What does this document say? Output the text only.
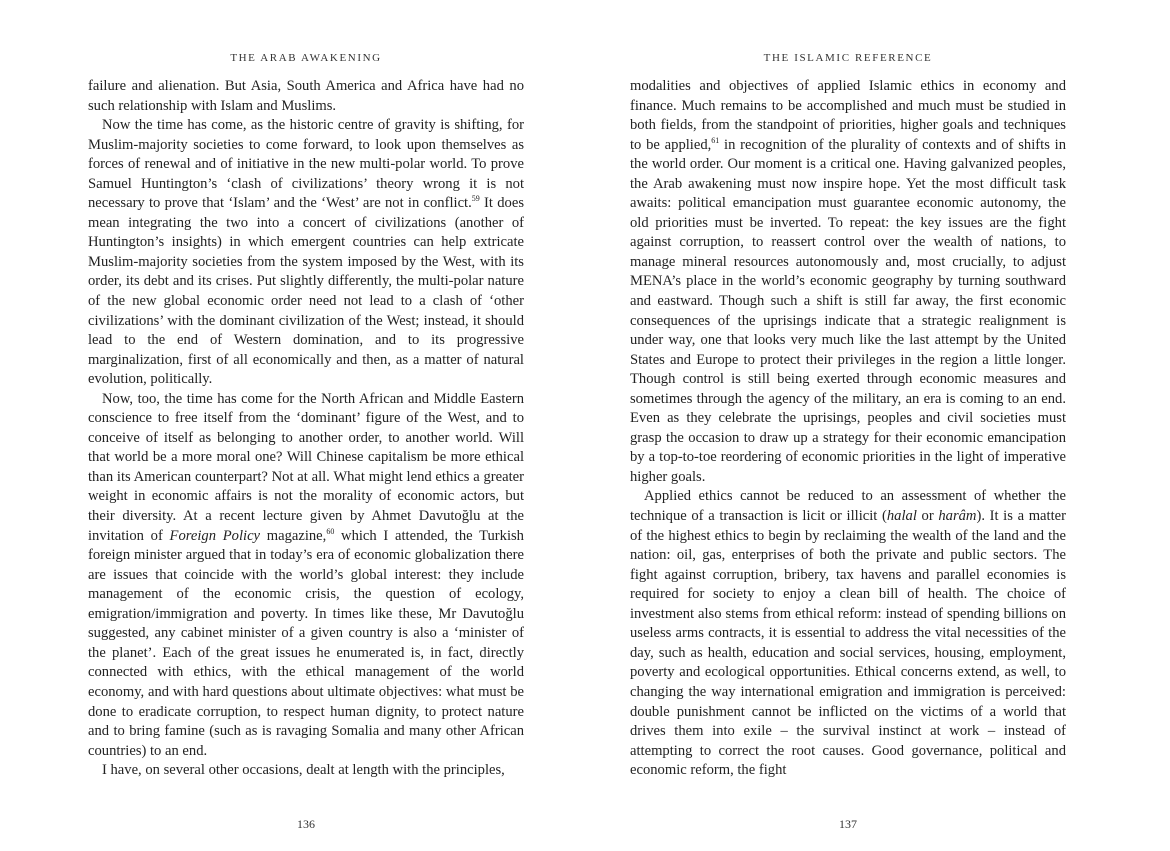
THE ARAB AWAKENING

failure and alienation. But Asia, South America and Africa have had no such relationship with Islam and Muslims.

Now the time has come, as the historic centre of gravity is shifting, for Muslim-majority societies to come forward, to look upon themselves as forces of renewal and of initiative in the new multi-polar world. To prove Samuel Huntington’s ‘clash of civilizations’ theory wrong it is not necessary to prove that ‘Islam’ and the ‘West’ are not in conflict.$^{59}$ It does mean integrating the two into a concert of civilizations (another of Huntington’s insights) in which emergent countries can help extricate Muslim-majority societies from the system imposed by the West, with its order, its debt and its crises. Put slightly differently, the multi-polar nature of the new global economic order need not lead to a clash of ‘other civilizations’ with the dominant civilization of the West; instead, it should lead to the end of Western domination, and to its progressive marginalization, first of all economically and then, as a matter of natural evolution, politically.

Now, too, the time has come for the North African and Middle Eastern conscience to free itself from the ‘dominant’ figure of the West, and to conceive of itself as belonging to another order, to another world. Will that world be a more moral one? Will Chinese capitalism be more ethical than its American counterpart? Not at all. What might lend ethics a greater weight in economic affairs is not the morality of economic actors, but their diversity. At a recent lecture given by Ahmet Davutoğlu at the invitation of Foreign Policy magazine,$^{60}$ which I attended, the Turkish foreign minister argued that in today’s era of economic globalization there are issues that coincide with the world’s global interest: they include management of the economic crisis, the question of ecology, emigration/immigration and poverty. In times like these, Mr Davutoğlu suggested, any cabinet minister of a given country is also a ‘minister of the planet’. Each of the great issues he enumerated is, in fact, directly connected with ethics, with the ethical management of the world economy, and with hard questions about ultimate objectives: what must be done to eradicate corruption, to respect human dignity, to protect nature and to bring famine (such as is ravaging Somalia and many other African countries) to an end.

I have, on several other occasions, dealt at length with the principles,

136
THE ISLAMIC REFERENCE

modalities and objectives of applied Islamic ethics in economy and finance. Much remains to be accomplished and much must be studied in both fields, from the standpoint of priorities, higher goals and techniques to be applied,$^{61}$ in recognition of the plurality of contexts and of shifts in the world order. Our moment is a critical one. Having galvanized peoples, the Arab awakening must now inspire hope. Yet the most difficult task awaits: political emancipation must guarantee economic autonomy, the old priorities must be inverted. To repeat: the key issues are the fight against corruption, to reassert control over the wealth of nations, to manage mineral resources autonomously and, most crucially, to adjust MENA’s place in the world’s economic geography by turning southward and eastward. Though such a shift is still far away, the first economic consequences of the uprisings indicate that a strategic realignment is under way, one that looks very much like the last attempt by the United States and Europe to protect their privileges in the region a little longer. Though control is still being exerted through economic measures and sometimes through the agency of the military, an era is coming to an end. Even as they celebrate the uprisings, peoples and civil societies must grasp the occasion to draw up a strategy for their economic emancipation by a top-to-toe reordering of economic priorities in the light of imperative higher goals.

Applied ethics cannot be reduced to an assessment of whether the technique of a transaction is licit or illicit (halal or harâm). It is a matter of the highest ethics to begin by reclaiming the wealth of the land and the nation: oil, gas, enterprises of both the private and public sectors. The fight against corruption, bribery, tax havens and parallel economies is required for society to enjoy a clean bill of health. The choice of investment also stems from ethical reform: instead of spending billions on useless arms contracts, it is essential to address the vital necessities of the day, such as health, education and social services, housing, employment, poverty and ecological opportunities. Ethical concerns extend, as well, to changing the way international emigration and immigration is perceived: double punishment cannot be inflicted on the victims of a world that drives them into exile – the survival instinct at work – instead of attempting to correct the root causes. Good governance, political and economic reform, the fight

137
